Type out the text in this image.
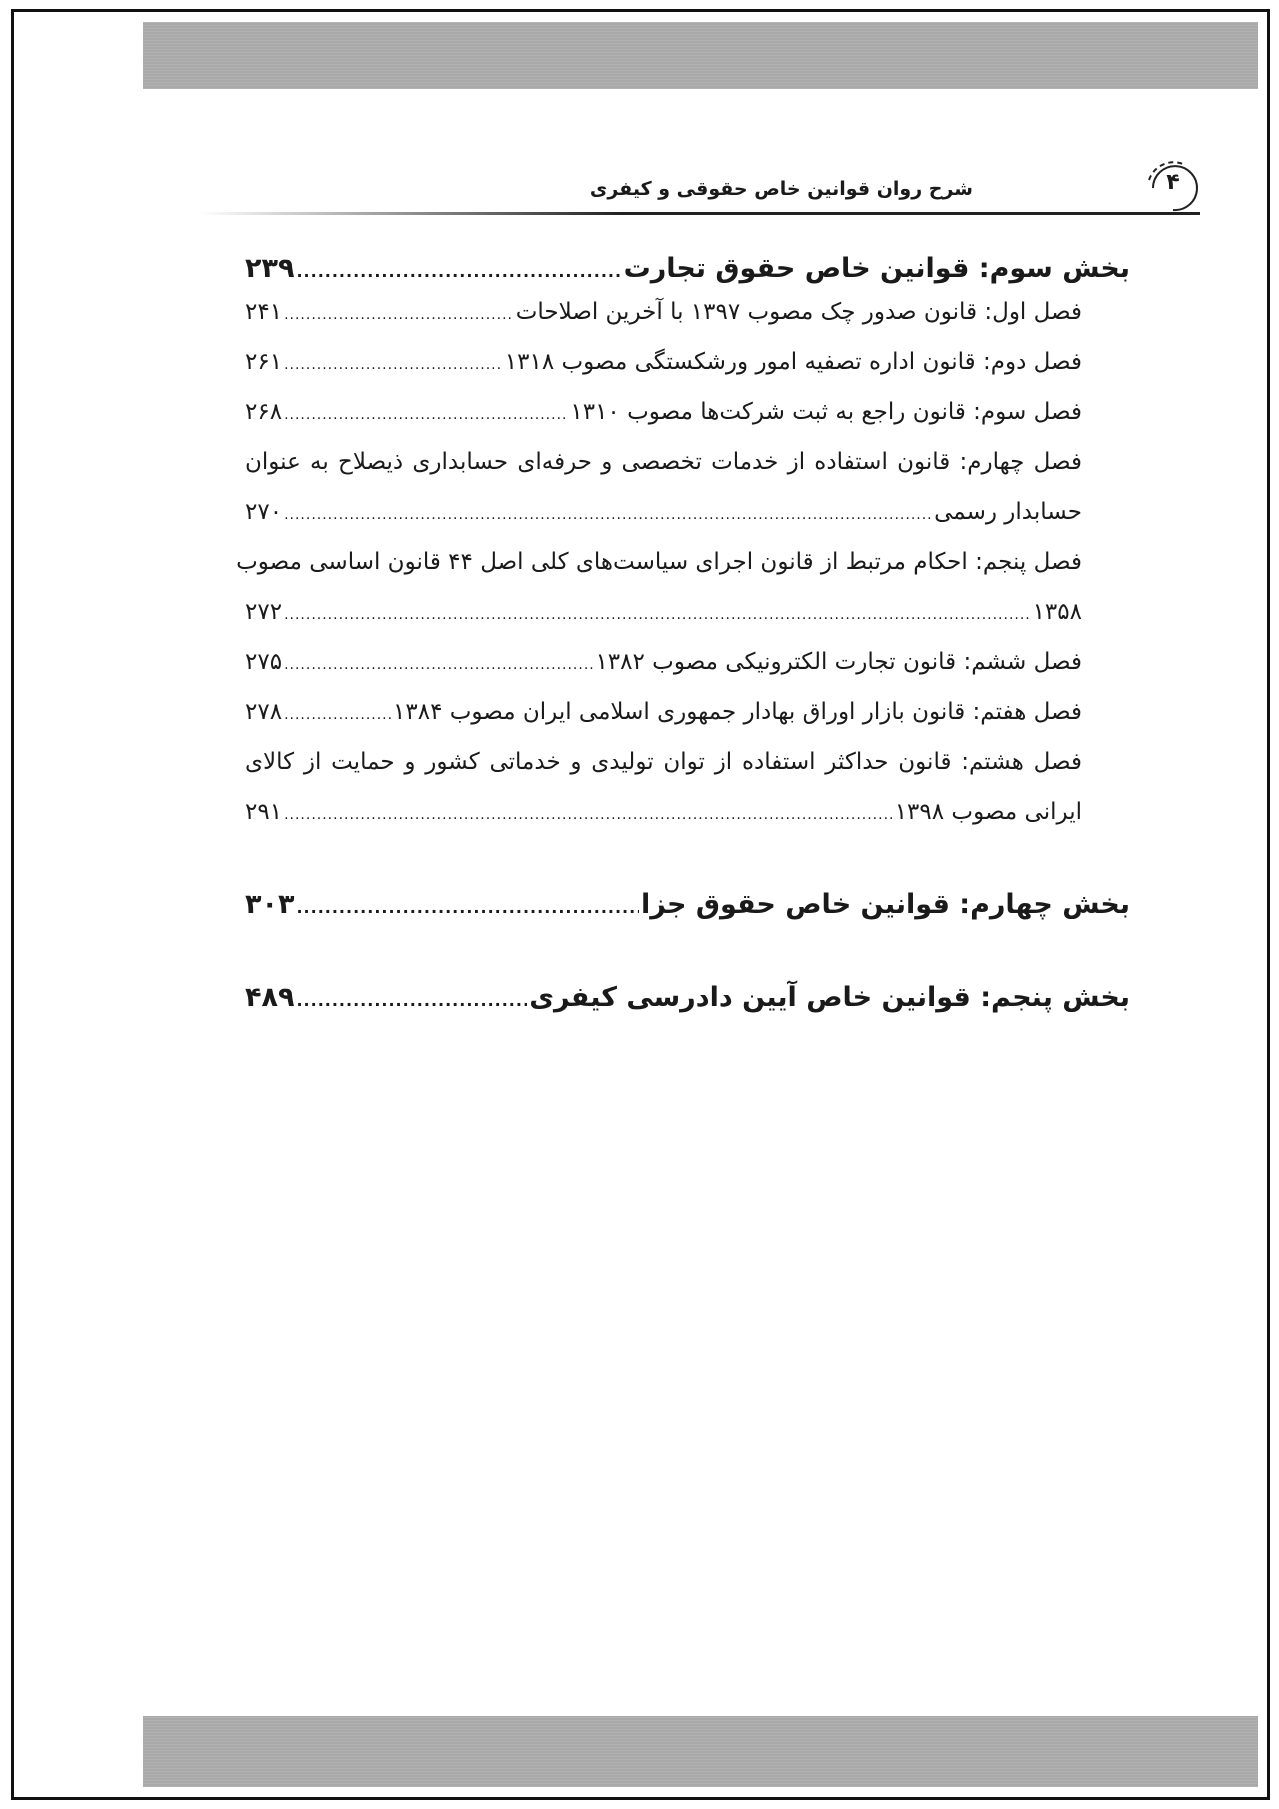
۴
شرح روان قوانین خاص حقوقی و کیفری
بخش سوم: قوانین خاص حقوق تجارت
.....
۲۳۹
فصل اول: قانون صدور چک مصوب ۱۳۹۷ با آخرین اصلاحات
.....
۲۴۱
فصل دوم: قانون اداره تصفیه امور ورشکستگی مصوب ۱۳۱۸
.....
۲۶۱
فصل سوم: قانون راجع به ثبت شرکت‌ها مصوب ۱۳۱۰
.....
۲۶۸
فصل چهارم: قانون استفاده از خدمات تخصصی و حرفه‌ای حسابداری ذیصلاح به عنوان
حسابدار رسمی
.....
۲۷۰
فصل پنجم: احکام مرتبط از قانون اجرای سیاست‌های کلی اصل ۴۴ قانون اساسی مصوب
۱۳۵۸
.....
۲۷۲
فصل ششم: قانون تجارت الکترونیکی مصوب ۱۳۸۲
.....
۲۷۵
فصل هفتم: قانون بازار اوراق بهادار جمهوری اسلامی ایران مصوب ۱۳۸۴
.....
۲۷۸
فصل هشتم: قانون حداکثر استفاده از توان تولیدی و خدماتی کشور و حمایت از کالای
ایرانی مصوب ۱۳۹۸
.....
۲۹۱
بخش چهارم: قوانین خاص حقوق جزا
.....
۳۰۳
بخش پنجم: قوانین خاص آیین دادرسی کیفری
.....
۴۸۹
